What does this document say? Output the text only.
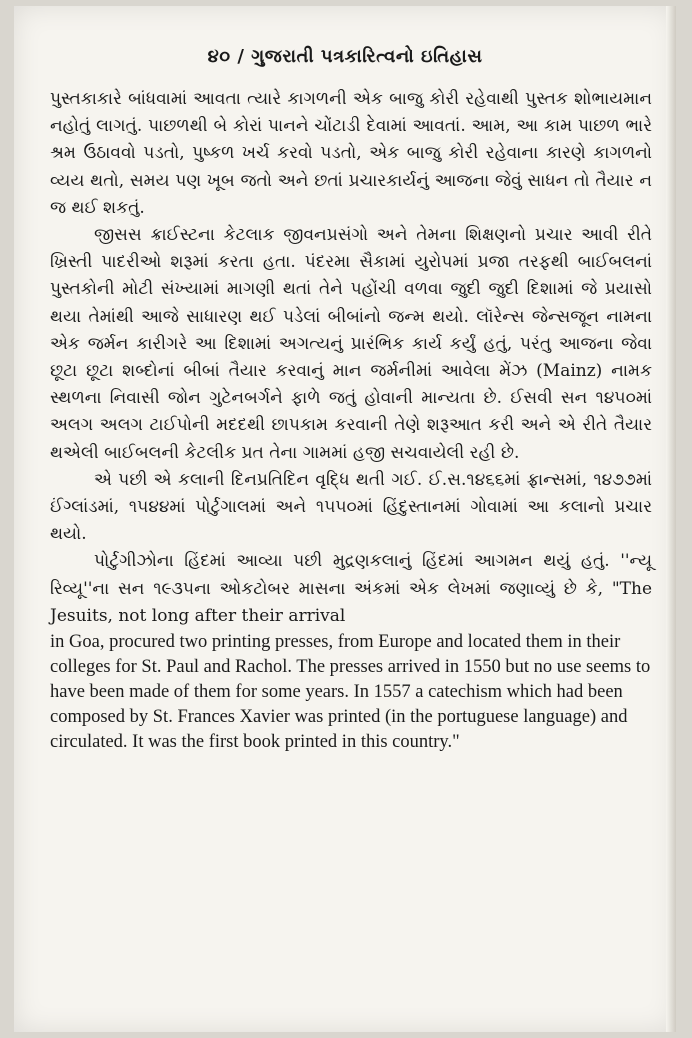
૪૦ / ગુજરાતી પત્રકારિત્વનો ઇતિહાસ

પુસ્તકાકારે બાંધવામાં આવતા ત્યારે કાગળની એક બાજુ કોરી રહેવાથી પુસ્તક શોભાયમાન નહોતું લાગતું. પાછળથી બે કોરાં પાનને ચોંટાડી દેવામાં આવતાં. આમ, આ કામ પાછળ ભારે શ્રમ ઉઠાવવો પડતો, પુષ્કળ ખર્ચ કરવો પડતો, એક બાજુ કોરી રહેવાના કારણે કાગળનો વ્યય થતો, સમય પણ ખૂબ જતો અને છતાં પ્રચારકાર્યનું આજના જેવું સાધન તો તૈયાર ન જ થઈ શકતું.

જીસસ ક્રાઈસ્ટના કેટલાક જીવનપ્રસંગો અને તેમના શિક્ષણનો પ્રચાર આવી રીતે ખ્રિસ્તી પાદરીઓ શરૂમાં કરતા હતા. પંદરમા સૈકામાં યુરોપમાં પ્રજા તરફથી બાઈબલનાં પુસ્તકોની મોટી સંખ્યામાં માગણી થતાં તેને પહોંચી વળવા જુદી જુદી દિશામાં જે પ્રયાસો થયા તેમાંથી આજે સાધારણ થઈ પડેલાં બીબાંનો જન્મ થયો. લૉરેન્સ જેન્સજૂન નામના એક જર્મન કારીગરે આ દિશામાં અગત્યનું પ્રારંભિક કાર્ય કર્યું હતું, પરંતુ આજના જેવા છૂટા છૂટા શબ્દોનાં બીબાં તૈયાર કરવાનું માન જર્મનીમાં આવેલા મેંઝ (Mainz) નામક સ્થળના નિવાસી જોન ગુટેનબર્ગને ફાળે જતું હોવાની માન્યતા છે. ઈસવી સન ૧૪૫૦માં અલગ અલગ ટાઈપોની મદદથી છાપકામ કરવાની તેણે શરૂઆત કરી અને એ રીતે તૈયાર થએલી બાઈબલની કેટલીક પ્રત તેના ગામમાં હજી સચવાયેલી રહી છે.

એ પછી એ કલાની દિનપ્રતિદિન વૃદ્ધિ થતી ગઈ. ઈ.સ.૧૪૬૬માં ફ્રાન્સમાં, ૧૪૭૭માં ઈંગ્લાંડમાં, ૧૫૪૪માં પોર્ટુગાલમાં અને ૧૫૫૦માં હિંદુસ્તાનમાં ગોવામાં આ કલાનો પ્રચાર થયો.

પોર્ટુગીઝોના હિંદમાં આવ્યા પછી મુદ્રણકલાનું હિંદમાં આગમન થયું હતું. ''ન્યૂ રિવ્યૂ''ના સન ૧૯૩૫ના ઓકટોબર માસના અંકમાં એક લેખમાં જણાવ્યું છે કે, "The Jesuits, not long after their arrival

in Goa, procured two printing presses, from Europe and located them in their colleges for St. Paul and Rachol. The presses arrived in 1550 but no use seems to have been made of them for some years. In 1557 a catechism which had been composed by St. Frances Xavier was printed (in the portuguese language) and circulated. It was the first book printed in this country."
